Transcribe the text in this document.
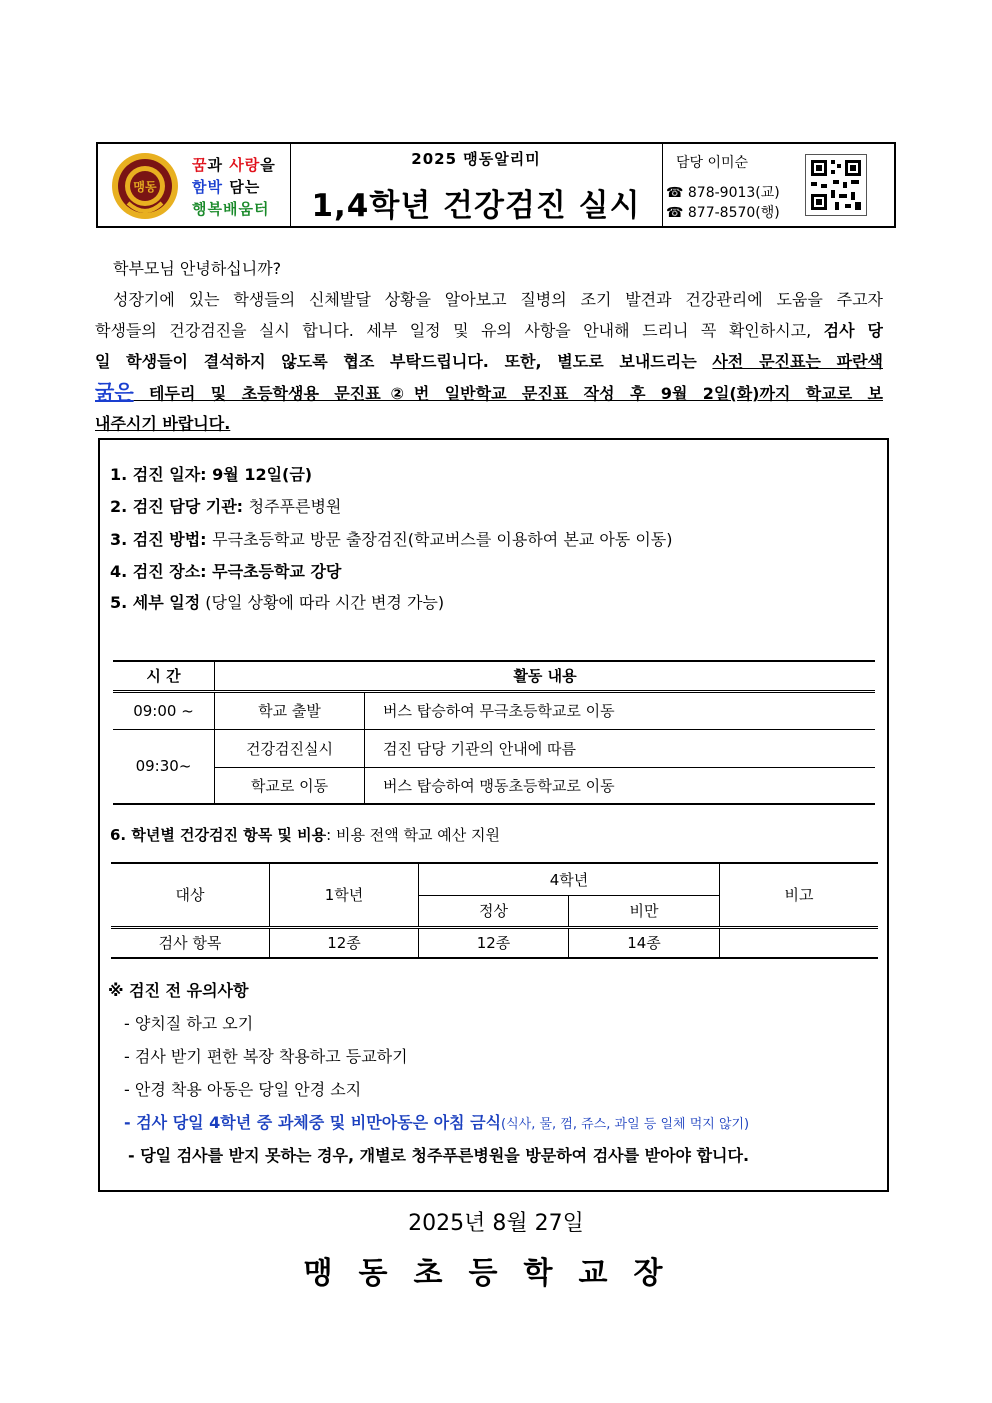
맹동
꿈과 사랑을
함박 담는
행복배움터
2025 맹동알리미
1,4학년 건강검진 실시
담당 이미순
☎ 878-9013(교)
☎ 877-8570(행)
학부모님 안녕하십니까?
성장기에 있는 학생들의 신체발달 상황을 알아보고 질병의 조기 발견과 건강관리에 도움을 주고자
학생들의 건강검진을 실시 합니다. 세부 일정 및 유의 사항을 안내해 드리니 꼭 확인하시고, 검사 당
일 학생들이 결석하지 않도록 협조 부탁드립니다. 또한, 별도로 보내드리는 사전 문진표는 파란색
굵은 테두리 및 초등학생용 문진표②번 일반학교 문진표 작성 후 9월 2일(화)까지 학교로 보
내주시기 바랍니다.
1. 검진 일자: 9월 12일(금)
2. 검진 담당 기관: 청주푸른병원
3. 검진 방법: 무극초등학교 방문 출장검진(학교버스를 이용하여 본교 아동 이동)
4. 검진 장소: 무극초등학교 강당
5. 세부 일정 (당일 상황에 따라 시간 변경 가능)
시 간	활동 내용	
09:00 ~	학교 출발	버스 탑승하여 무극초등학교로 이동
09:30~	건강검진실시	검진 담당 기관의 안내에 따름
	학교로 이동	버스 탑승하여 맹동초등학교로 이동
6. 학년별 건강검진 항목 및 비용: 비용 전액 학교 예산 지원
대상	1학년	4학년		비고
		정상	비만	
검사 항목	12종	12종	14종	
※ 검진 전 유의사항
- 양치질 하고 오기
- 검사 받기 편한 복장 착용하고 등교하기
- 안경 착용 아동은 당일 안경 소지
- 검사 당일 4학년 중 과체중 및 비만아동은 아침 금식(식사, 물, 껌, 쥬스, 과일 등 일체 먹지 않기)
- 당일 검사를 받지 못하는 경우, 개별로 청주푸른병원을 방문하여 검사를 받아야 합니다.
2025년 8월 27일
맹동초등학교장
